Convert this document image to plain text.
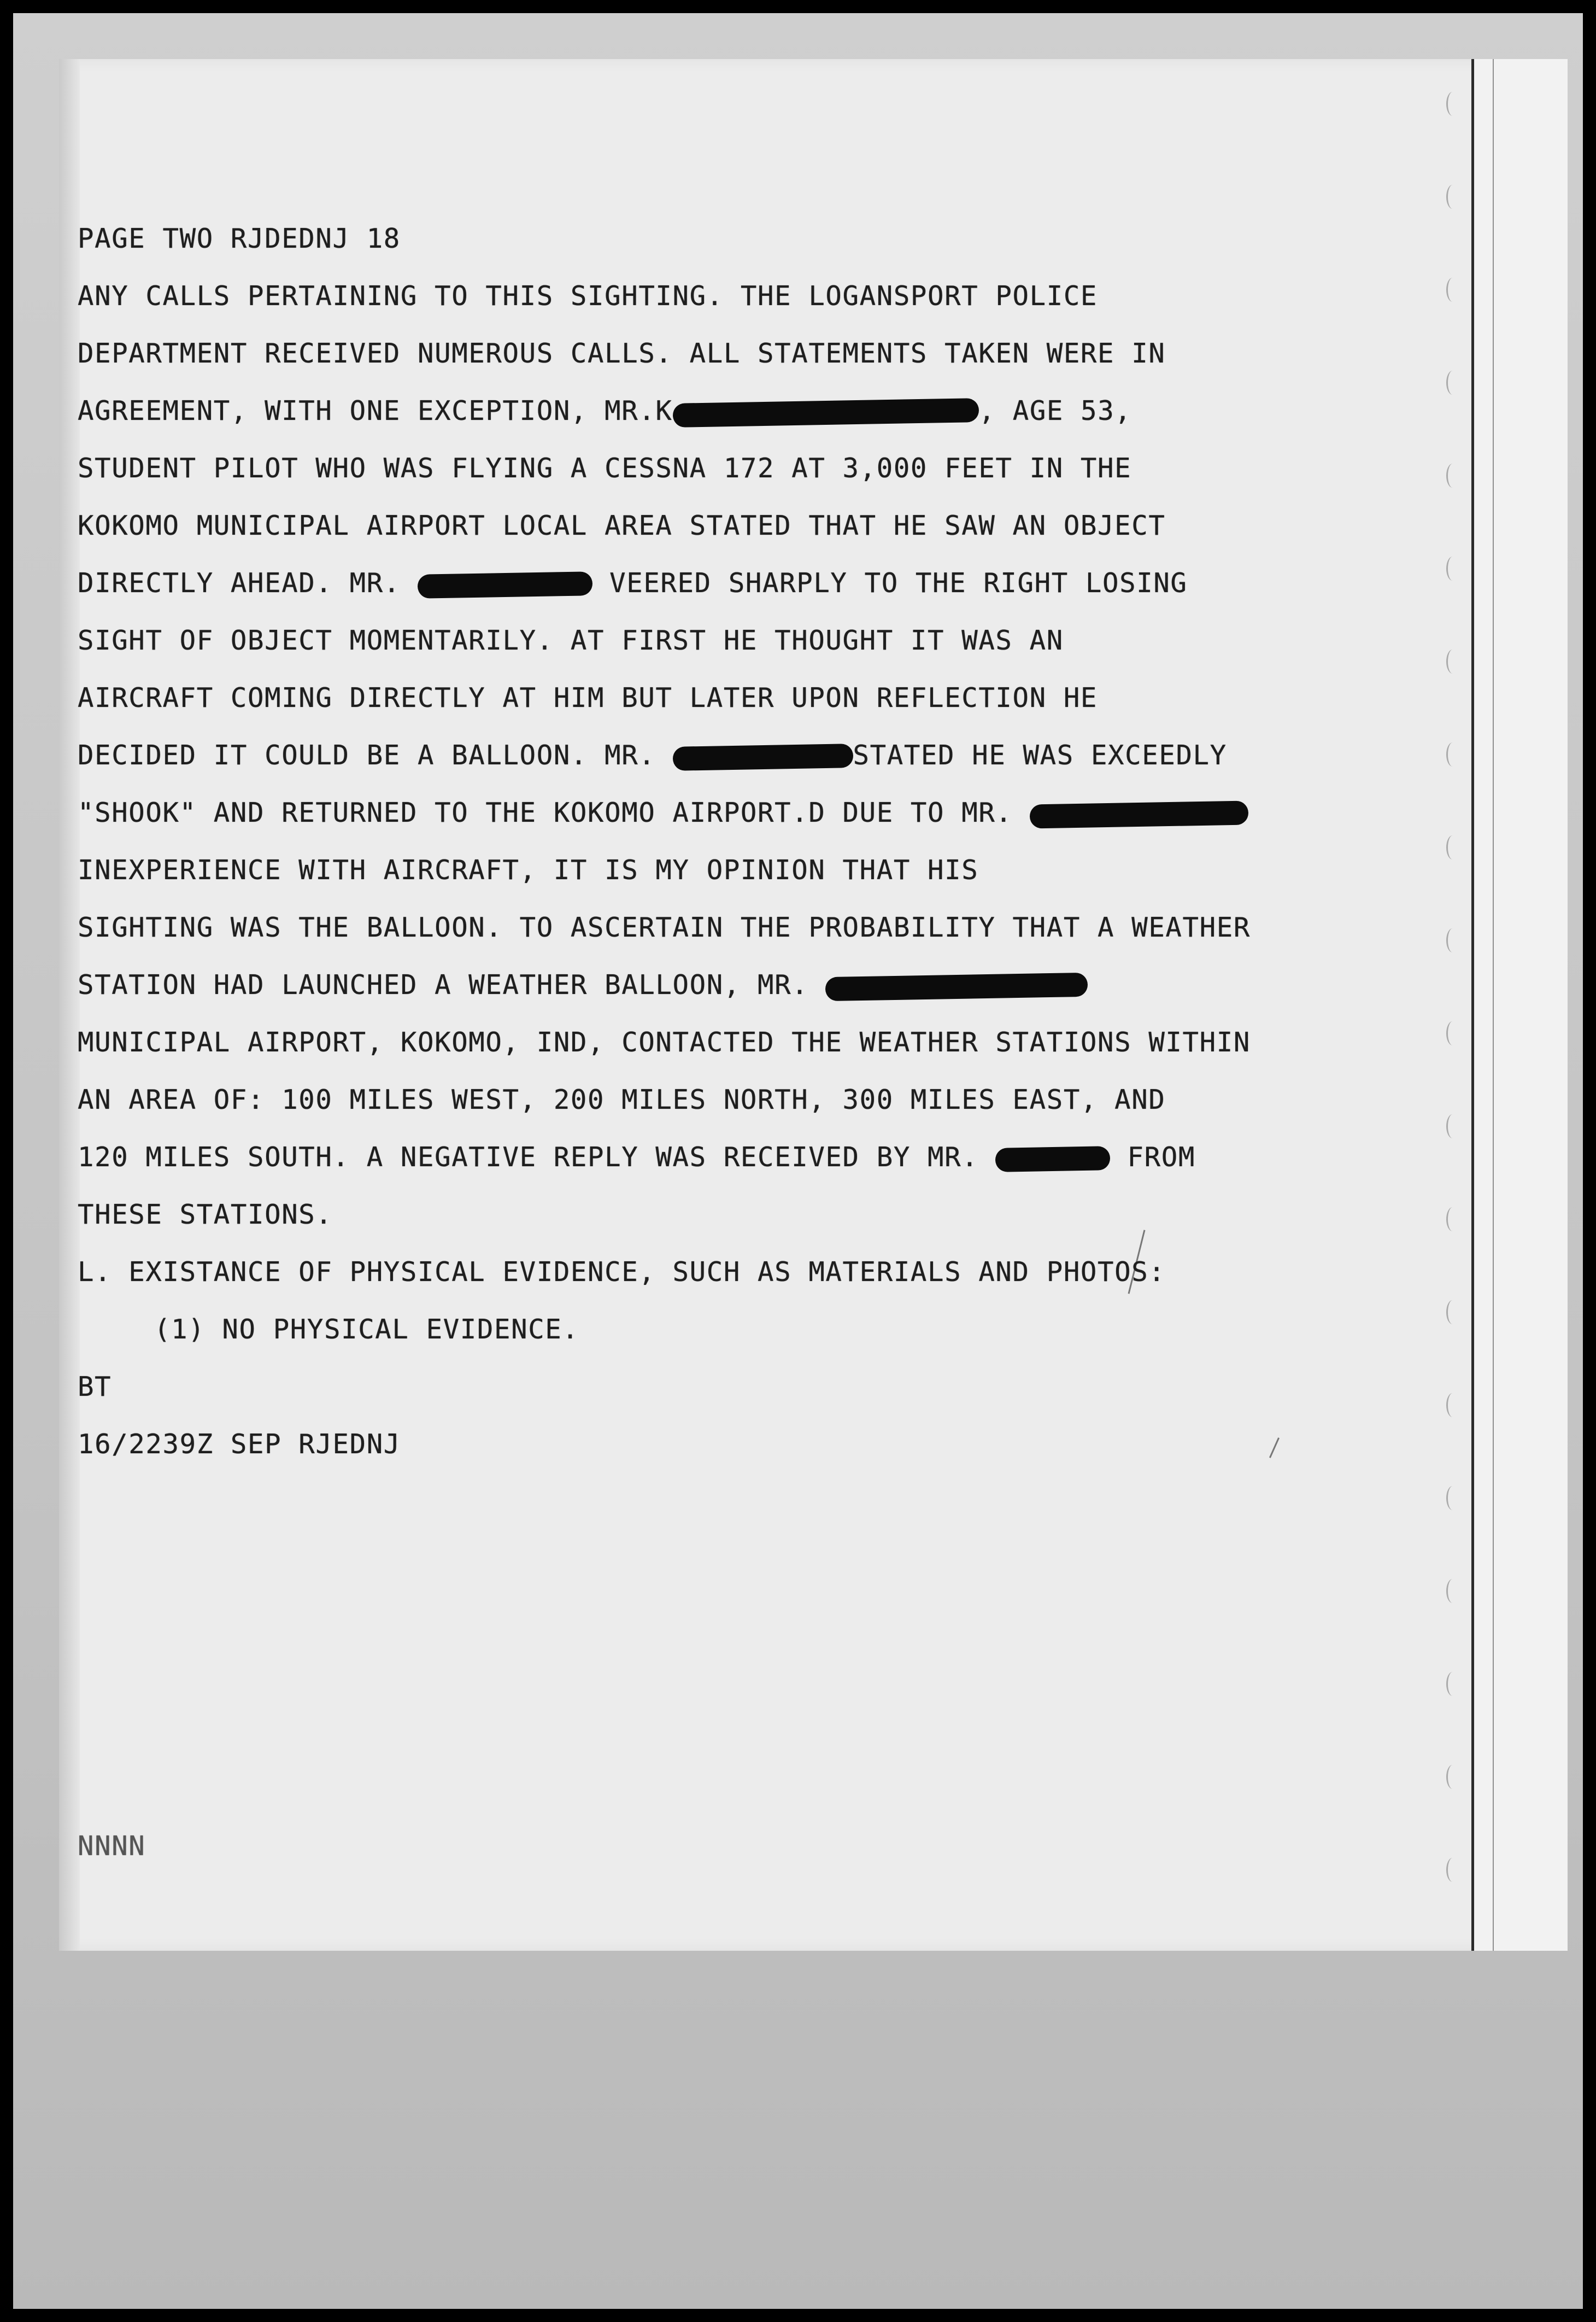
PAGE TWO RJDEDNJ 18
ANY CALLS PERTAINING TO THIS SIGHTING. THE LOGANSPORT POLICE
DEPARTMENT RECEIVED NUMEROUS CALLS. ALL STATEMENTS TAKEN WERE IN
AGREEMENT, WITH ONE EXCEPTION, MR.K	, AGE 53,
STUDENT PILOT WHO WAS FLYING A CESSNA 172 AT 3,000 FEET IN THE
KOKOMO MUNICIPAL AIRPORT LOCAL AREA STATED THAT HE SAW AN OBJECT
DIRECTLY AHEAD. MR.	VEERED SHARPLY TO THE RIGHT LOSING
SIGHT OF OBJECT MOMENTARILY. AT FIRST HE THOUGHT IT WAS AN
AIRCRAFT COMING DIRECTLY AT HIM BUT LATER UPON REFLECTION HE
DECIDED IT COULD BE A BALLOON. MR.	STATED HE WAS EXCEEDLY
"SHOOK" AND RETURNED TO THE KOKOMO AIRPORT.D DUE TO MR.
INEXPERIENCE WITH AIRCRAFT, IT IS MY OPINION THAT HIS
SIGHTING WAS THE BALLOON. TO ASCERTAIN THE PROBABILITY THAT A WEATHER
STATION HAD LAUNCHED A WEATHER BALLOON, MR.
MUNICIPAL AIRPORT, KOKOMO, IND, CONTACTED THE WEATHER STATIONS WITHIN
AN AREA OF: 100 MILES WEST, 200 MILES NORTH, 300 MILES EAST, AND
120 MILES SOUTH. A NEGATIVE REPLY WAS RECEIVED BY MR.	FROM
THESE STATIONS.
L. EXISTANCE OF PHYSICAL EVIDENCE, SUCH AS MATERIALS AND PHOTOS:
(1) NO PHYSICAL EVIDENCE.
BT
16/2239Z SEP RJEDNJ
NNNN
